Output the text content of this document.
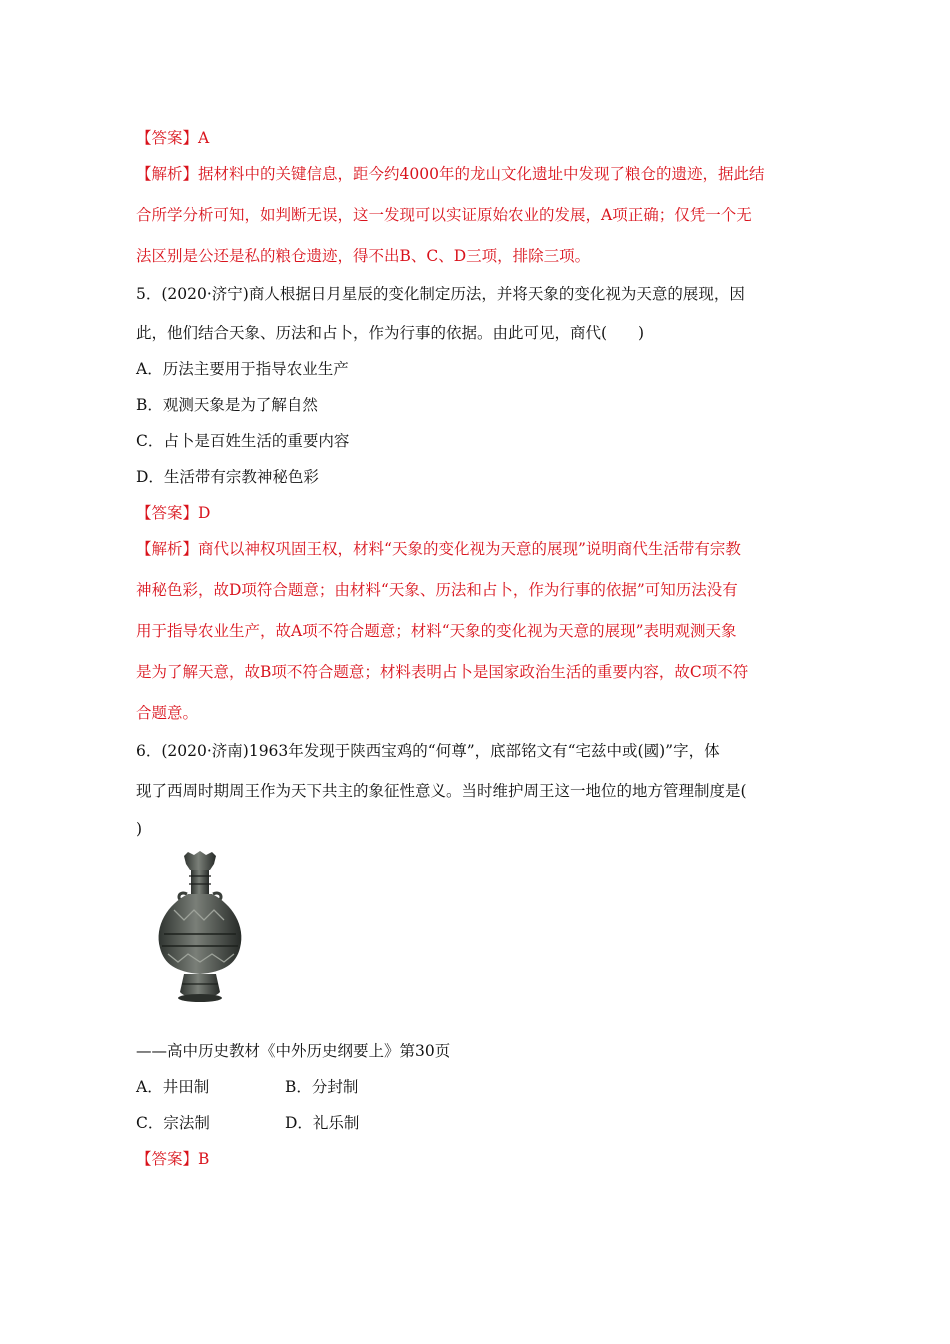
【答案】A
【解析】据材料中的关键信息，距今约4000年的龙山文化遗址中发现了粮仓的遗迹，据此结
合所学分析可知，如判断无误，这一发现可以实证原始农业的发展，A项正确；仅凭一个无
法区别是公还是私的粮仓遗迹，得不出B、C、D三项，排除三项。
5．(2020·济宁)商人根据日月星辰的变化制定历法，并将天象的变化视为天意的展现，因
此，他们结合天象、历法和占卜，作为行事的依据。由此可见，商代(　　)
A．历法主要用于指导农业生产
B．观测天象是为了解自然
C．占卜是百姓生活的重要内容
D．生活带有宗教神秘色彩
【答案】D
【解析】商代以神权巩固王权，材料“天象的变化视为天意的展现”说明商代生活带有宗教
神秘色彩，故D项符合题意；由材料“天象、历法和占卜，作为行事的依据”可知历法没有
用于指导农业生产，故A项不符合题意；材料“天象的变化视为天意的展现”表明观测天象
是为了解天意，故B项不符合题意；材料表明占卜是国家政治生活的重要内容，故C项不符
合题意。
6．(2020·济南)1963年发现于陕西宝鸡的“何尊”，底部铭文有“宅兹中或(國)”字，体
现了西周时期周王作为天下共主的象征性意义。当时维护周王这一地位的地方管理制度是(
)
——高中历史教材《中外历史纲要上》第30页
A．井田制	B．分封制
C．宗法制	D．礼乐制
【答案】B
